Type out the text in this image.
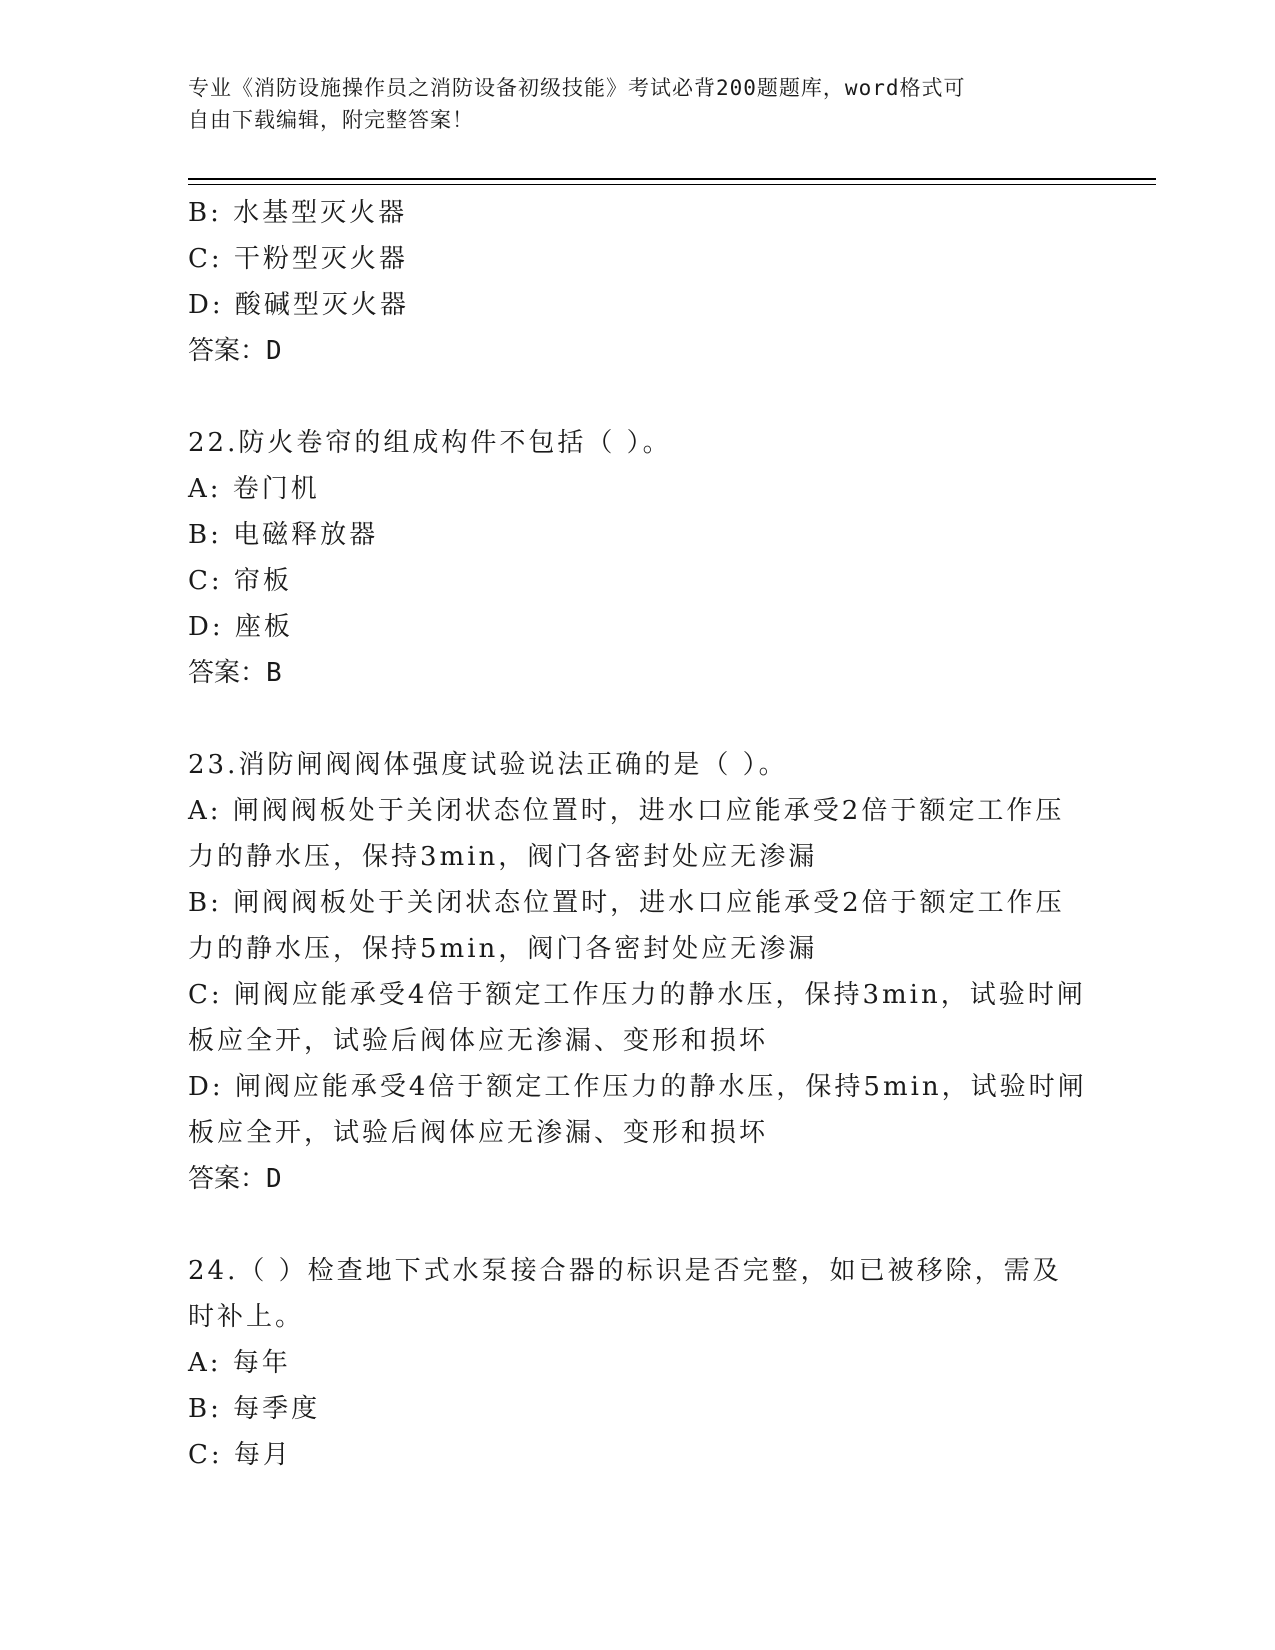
专业《消防设施操作员之消防设备初级技能》考试必背200题题库，word格式可
自由下载编辑，附完整答案！
B: 水基型灭火器
C: 干粉型灭火器
D: 酸碱型灭火器
答案：D
22.防火卷帘的组成构件不包括（ ）。
A: 卷门机
B: 电磁释放器
C: 帘板
D: 座板
答案：B
23.消防闸阀阀体强度试验说法正确的是（ ）。
A: 闸阀阀板处于关闭状态位置时，进水口应能承受2倍于额定工作压
力的静水压，保持3min，阀门各密封处应无渗漏
B: 闸阀阀板处于关闭状态位置时，进水口应能承受2倍于额定工作压
力的静水压，保持5min，阀门各密封处应无渗漏
C: 闸阀应能承受4倍于额定工作压力的静水压，保持3min，试验时闸
板应全开，试验后阀体应无渗漏、变形和损坏
D: 闸阀应能承受4倍于额定工作压力的静水压，保持5min，试验时闸
板应全开，试验后阀体应无渗漏、变形和损坏
答案：D
24.（ ）检查地下式水泵接合器的标识是否完整，如已被移除，需及
时补上。
A: 每年
B: 每季度
C: 每月
